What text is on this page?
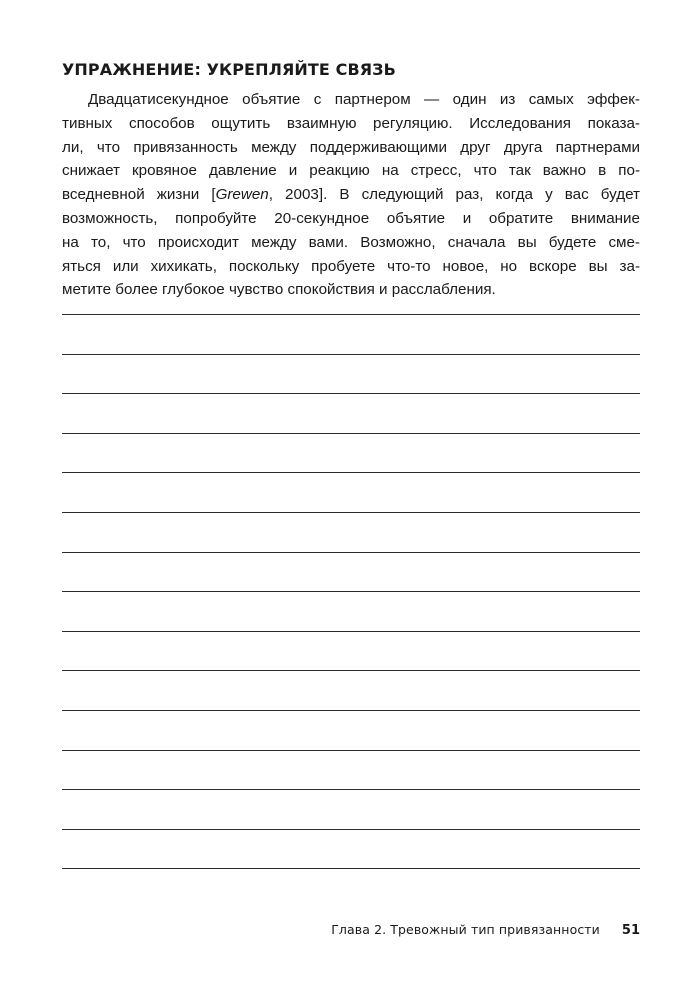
УПРАЖНЕНИЕ: УКРЕПЛЯЙТЕ СВЯЗЬ
Двадцатисекундное объятие с партнером — один из самых эффек-
тивных способов ощутить взаимную регуляцию. Исследования показа-
ли, что привязанность между поддерживающими друг друга партнерами
снижает кровяное давление и реакцию на стресс, что так важно в по-
вседневной жизни [Grewen, 2003]. В следующий раз, когда у вас будет
возможность, попробуйте 20-секундное объятие и обратите внимание
на то, что происходит между вами. Возможно, сначала вы будете сме-
яться или хихикать, поскольку пробуете что-то новое, но вскоре вы за-
метите более глубокое чувство спокойствия и расслабления.
Глава 2. Тревожный тип привязанности 51
